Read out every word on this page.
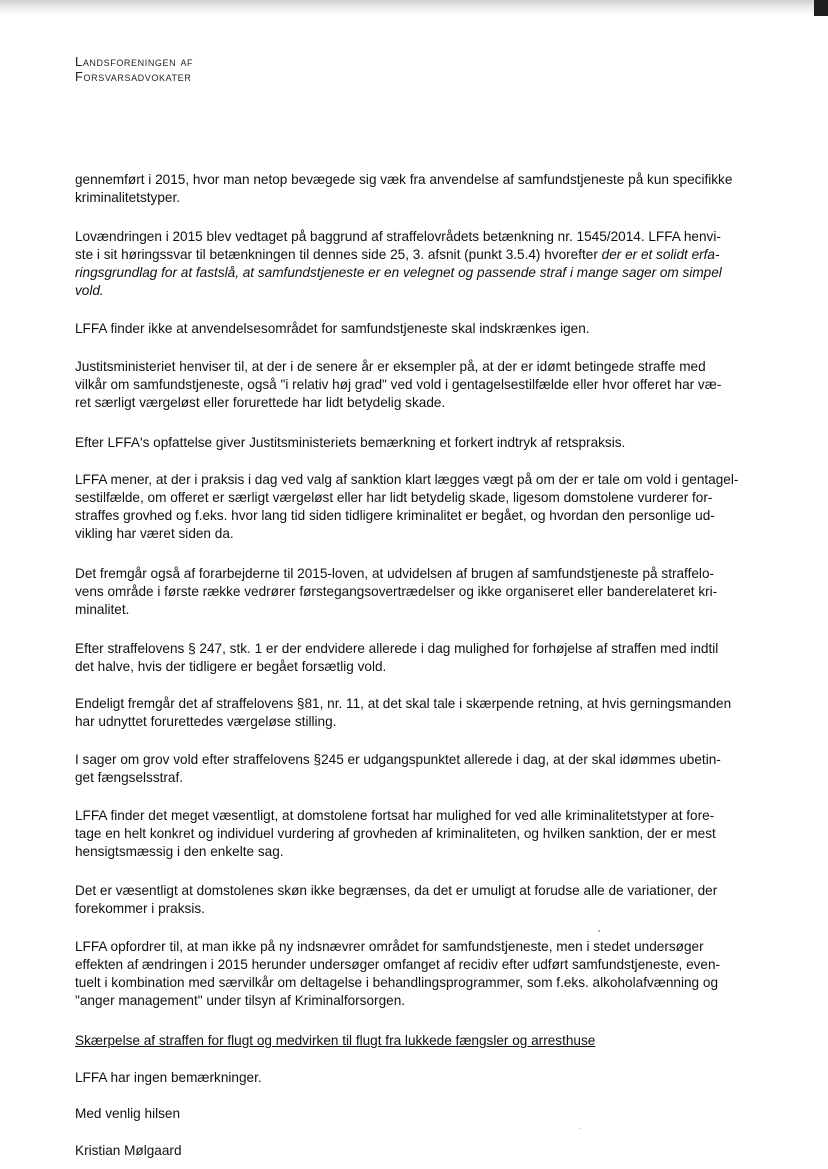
Landsforeningen af
Forsvarsadvokater

gennemført i 2015, hvor man netop bevægede sig væk fra anvendelse af samfundstjeneste på kun specifikke
kriminalitetstyper.

Lovændringen i 2015 blev vedtaget på baggrund af straffelovrådets betænkning nr. 1545/2014. LFFA henvi-
ste i sit høringssvar til betænkningen til dennes side 25, 3. afsnit (punkt 3.5.4) hvorefter der er et solidt erfa-
ringsgrundlag for at fastslå, at samfundstjeneste er en velegnet og passende straf i mange sager om simpel
vold.

LFFA finder ikke at anvendelsesområdet for samfundstjeneste skal indskrænkes igen.

Justitsministeriet henviser til, at der i de senere år er eksempler på, at der er idømt betingede straffe med
vilkår om samfundstjeneste, også "i relativ høj grad" ved vold i gentagelsestilfælde eller hvor offeret har væ-
ret særligt værgeløst eller forurettede har lidt betydelig skade.

Efter LFFA's opfattelse giver Justitsministeriets bemærkning et forkert indtryk af retspraksis.

LFFA mener, at der i praksis i dag ved valg af sanktion klart lægges vægt på om der er tale om vold i gentagel-
sestilfælde, om offeret er særligt værgeløst eller har lidt betydelig skade, ligesom domstolene vurderer for-
straffes grovhed og f.eks. hvor lang tid siden tidligere kriminalitet er begået, og hvordan den personlige ud-
vikling har været siden da.

Det fremgår også af forarbejderne til 2015-loven, at udvidelsen af brugen af samfundstjeneste på straffelo-
vens område i første række vedrører førstegangsovertrædelser og ikke organiseret eller banderelateret kri-
minalitet.

Efter straffelovens § 247, stk. 1 er der endvidere allerede i dag mulighed for forhøjelse af straffen med indtil
det halve, hvis der tidligere er begået forsætlig vold.

Endeligt fremgår det af straffelovens §81, nr. 11, at det skal tale i skærpende retning, at hvis gerningsmanden
har udnyttet forurettedes værgeløse stilling.

I sager om grov vold efter straffelovens §245 er udgangspunktet allerede i dag, at der skal idømmes ubetin-
get fængselsstraf.

LFFA finder det meget væsentligt, at domstolene fortsat har mulighed for ved alle kriminalitetstyper at fore-
tage en helt konkret og individuel vurdering af grovheden af kriminaliteten, og hvilken sanktion, der er mest
hensigtsmæssig i den enkelte sag.

Det er væsentligt at domstolenes skøn ikke begrænses, da det er umuligt at forudse alle de variationer, der
forekommer i praksis.

LFFA opfordrer til, at man ikke på ny indsnævrer området for samfundstjeneste, men i stedet undersøger
effekten af ændringen i 2015 herunder undersøger omfanget af recidiv efter udført samfundstjeneste, even-
tuelt i kombination med særvilkår om deltagelse i behandlingsprogrammer, som f.eks. alkoholafvænning og
"anger management" under tilsyn af Kriminalforsorgen.

Skærpelse af straffen for flugt og medvirken til flugt fra lukkede fængsler og arresthuse

LFFA har ingen bemærkninger.

Med venlig hilsen

Kristian Mølgaard
